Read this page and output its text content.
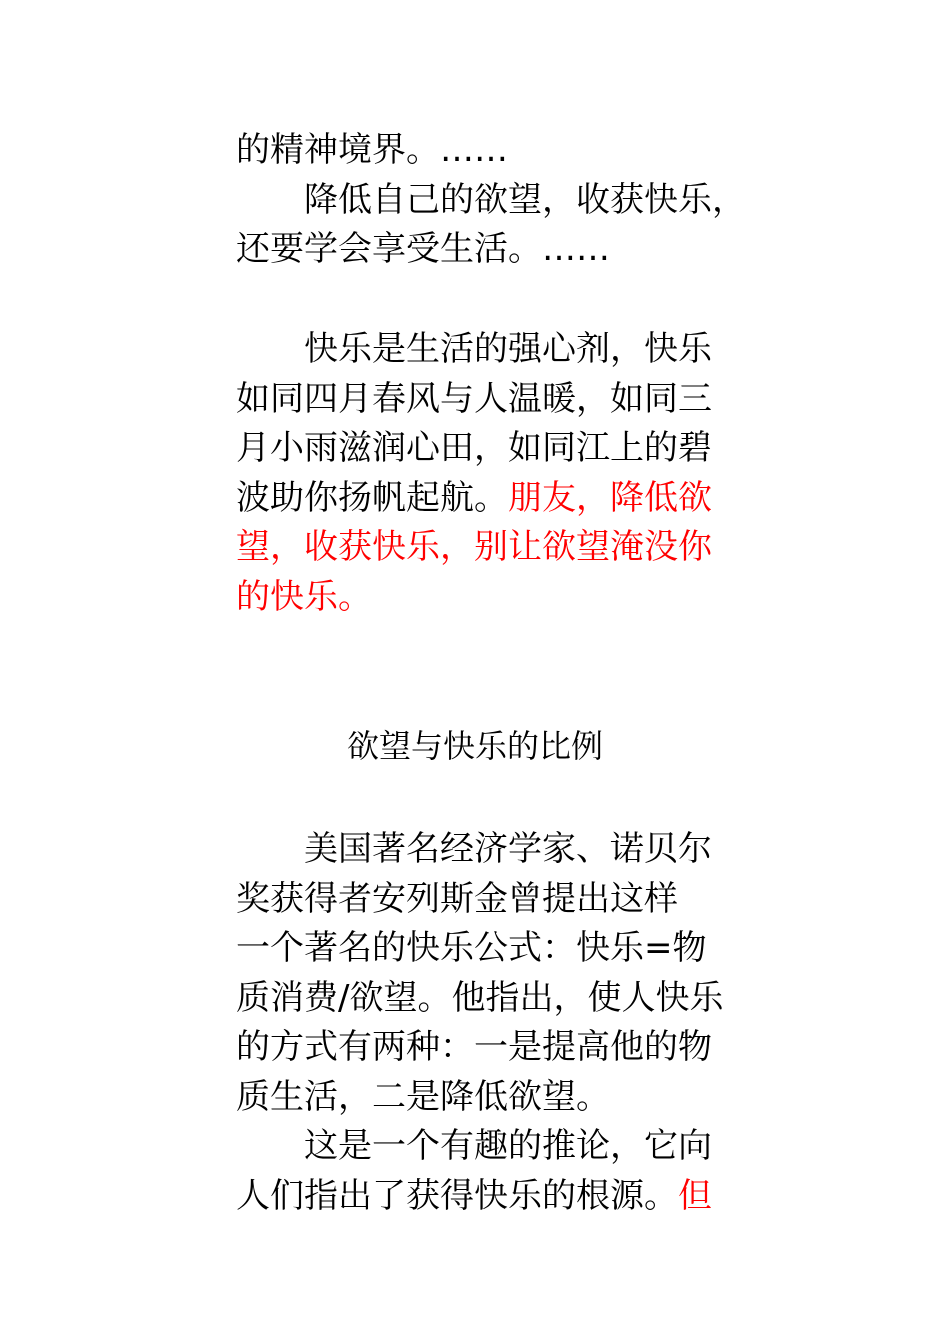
的精神境界。……
降低自己的欲望，收获快乐，
还要学会享受生活。……
快乐是生活的强心剂，快乐
如同四月春风与人温暖，如同三
月小雨滋润心田，如同江上的碧
波助你扬帆起航。朋友，降低欲
望，收获快乐，别让欲望淹没你
的快乐。
欲望与快乐的比例
美国著名经济学家、诺贝尔
奖获得者安列斯金曾提出这样
一个著名的快乐公式：快乐=物
质消费/欲望。他指出，使人快乐
的方式有两种：一是提高他的物
质生活，二是降低欲望。
这是一个有趣的推论，它向
人们指出了获得快乐的根源。但
